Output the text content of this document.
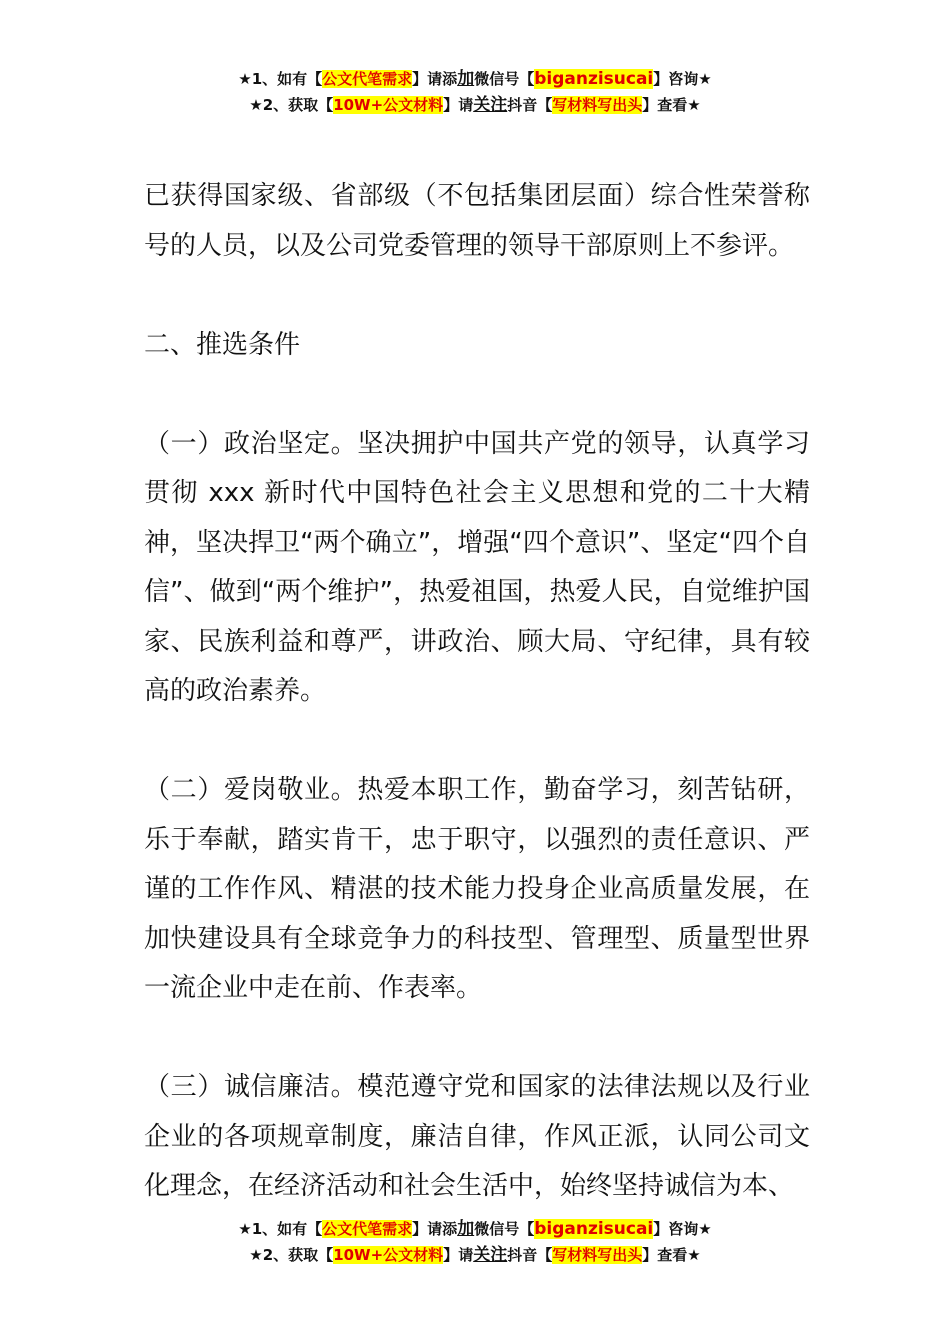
★1、如有【公文代笔需求】请添加微信号【biganzisucai】咨询★
★2、获取【10W+公文材料】请关注抖音【写材料写出头】查看★

已获得国家级、省部级（不包括集团层面）综合性荣誉称号的人员，以及公司党委管理的领导干部原则上不参评。

二、推选条件

（一）政治坚定。坚决拥护中国共产党的领导，认真学习贯彻 xxx 新时代中国特色社会主义思想和党的二十大精神，坚决捍卫“两个确立”，增强“四个意识”、坚定“四个自信”、做到“两个维护”，热爱祖国，热爱人民，自觉维护国家、民族利益和尊严，讲政治、顾大局、守纪律，具有较高的政治素养。

（二）爱岗敬业。热爱本职工作，勤奋学习，刻苦钻研，乐于奉献，踏实肯干，忠于职守，以强烈的责任意识、严谨的工作作风、精湛的技术能力投身企业高质量发展，在加快建设具有全球竞争力的科技型、管理型、质量型世界一流企业中走在前、作表率。

（三）诚信廉洁。模范遵守党和国家的法律法规以及行业企业的各项规章制度，廉洁自律，作风正派，认同公司文化理念，在经济活动和社会生活中，始终坚持诚信为本、

★1、如有【公文代笔需求】请添加微信号【biganzisucai】咨询★
★2、获取【10W+公文材料】请关注抖音【写材料写出头】查看★
